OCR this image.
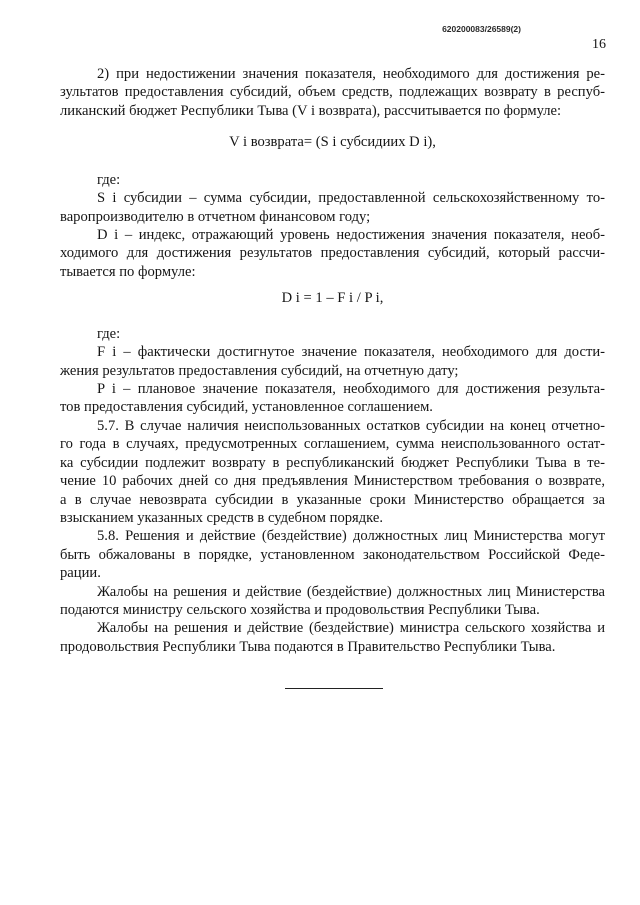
620200083/26589(2)
16
2) при недостижении значения показателя, необходимого для достижения ре-
зультатов предоставления субсидий, объем средств, подлежащих возврату в респуб-
ликанский бюджет Республики Тыва (V i возврата), рассчитывается по формуле:
V i возврата= (S i субсидиих D i),
где:
S i субсидии – сумма субсидии, предоставленной сельскохозяйственному то-
варопроизводителю в отчетном финансовом году;
D i – индекс, отражающий уровень недостижения значения показателя, необ-
ходимого для достижения результатов предоставления субсидий, который рассчи-
тывается по формуле:
D i = 1 – F i / P i,
где:
F i – фактически достигнутое значение показателя, необходимого для дости-
жения результатов предоставления субсидий, на отчетную дату;
P i – плановое значение показателя, необходимого для достижения результа-
тов предоставления субсидий, установленное соглашением.
5.7. В случае наличия неиспользованных остатков субсидии на конец отчетно-
го года в случаях, предусмотренных соглашением, сумма неиспользованного остат-
ка субсидии подлежит возврату в республиканский бюджет Республики Тыва в те-
чение 10 рабочих дней со дня предъявления Министерством требования о возврате,
а в случае невозврата субсидии в указанные сроки Министерство обращается за
взысканием указанных средств в судебном порядке.
5.8. Решения и действие (бездействие) должностных лиц Министерства могут
быть обжалованы в порядке, установленном законодательством Российской Феде-
рации.
Жалобы на решения и действие (бездействие) должностных лиц Министерства
подаются министру сельского хозяйства и продовольствия Республики Тыва.
Жалобы на решения и действие (бездействие) министра сельского хозяйства и
продовольствия Республики Тыва подаются в Правительство Республики Тыва.
